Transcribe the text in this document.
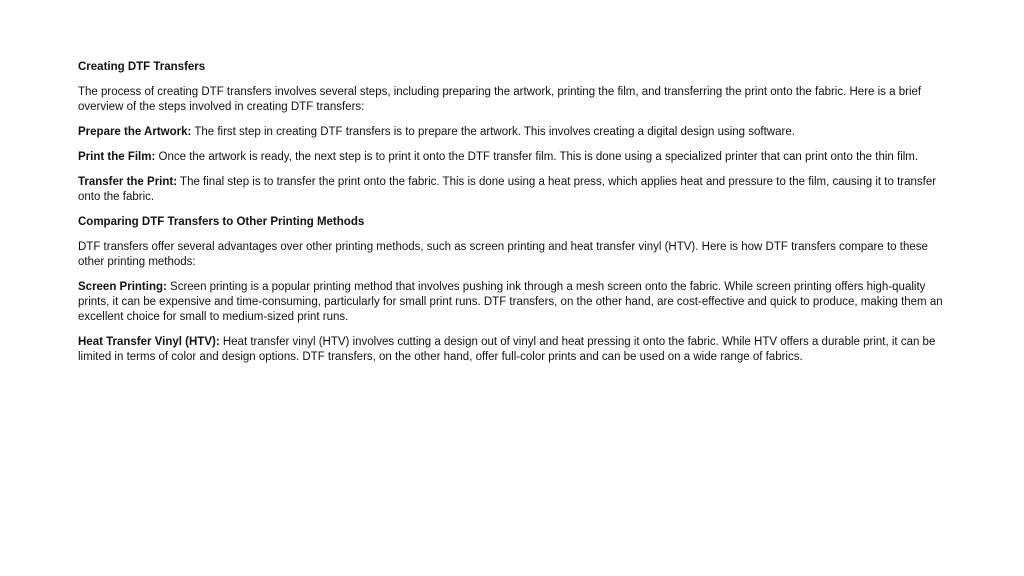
Creating DTF Transfers

The process of creating DTF transfers involves several steps, including preparing the artwork, printing the film, and transferring the print onto the fabric. Here is a brief overview of the steps involved in creating DTF transfers:

Prepare the Artwork: The first step in creating DTF transfers is to prepare the artwork. This involves creating a digital design using software.

Print the Film: Once the artwork is ready, the next step is to print it onto the DTF transfer film. This is done using a specialized printer that can print onto the thin film.

Transfer the Print: The final step is to transfer the print onto the fabric. This is done using a heat press, which applies heat and pressure to the film, causing it to transfer onto the fabric.

Comparing DTF Transfers to Other Printing Methods

DTF transfers offer several advantages over other printing methods, such as screen printing and heat transfer vinyl (HTV). Here is how DTF transfers compare to these other printing methods:

Screen Printing: Screen printing is a popular printing method that involves pushing ink through a mesh screen onto the fabric. While screen printing offers high-quality prints, it can be expensive and time-consuming, particularly for small print runs. DTF transfers, on the other hand, are cost-effective and quick to produce, making them an excellent choice for small to medium-sized print runs.

Heat Transfer Vinyl (HTV): Heat transfer vinyl (HTV) involves cutting a design out of vinyl and heat pressing it onto the fabric. While HTV offers a durable print, it can be limited in terms of color and design options. DTF transfers, on the other hand, offer full-color prints and can be used on a wide range of fabrics.
